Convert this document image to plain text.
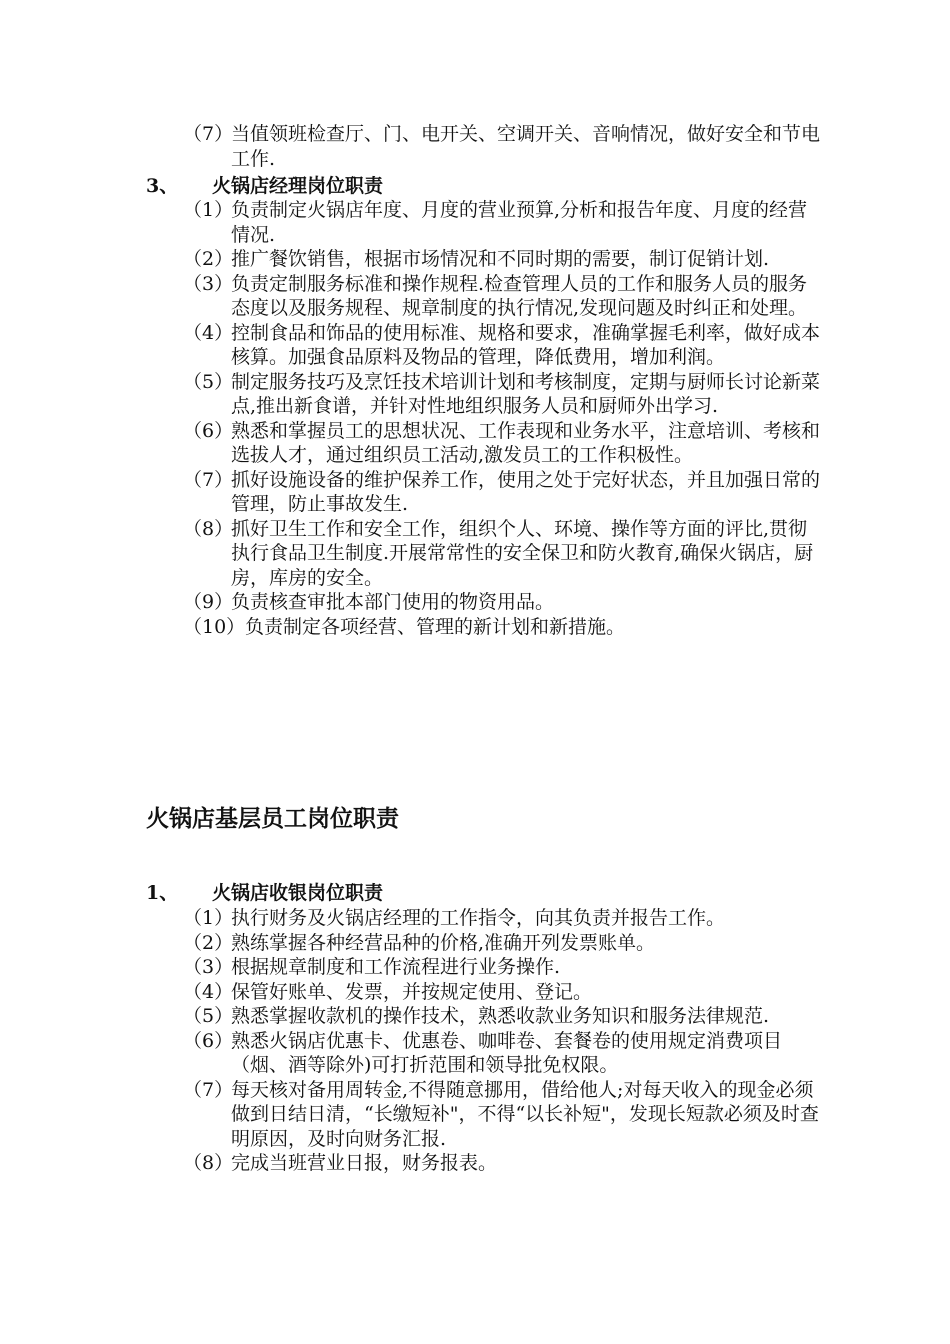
（7）
当值领班检查厅、门、电开关、空调开关、音响情况，做好安全和节电工作.
3、 火锅店经理岗位职责
（1）
负责制定火锅店年度、月度的营业预算,分析和报告年度、月度的经营情况.
（2）
推广餐饮销售，根据市场情况和不同时期的需要，制订促销计划.
（3）
负责定制服务标准和操作规程.检查管理人员的工作和服务人员的服务态度以及服务规程、规章制度的执行情况,发现问题及时纠正和处理。
（4）
控制食品和饰品的使用标准、规格和要求，准确掌握毛利率，做好成本核算。加强食品原料及物品的管理，降低费用，增加利润。
（5）
制定服务技巧及烹饪技术培训计划和考核制度，定期与厨师长讨论新菜点,推出新食谱，并针对性地组织服务人员和厨师外出学习.
（6）
熟悉和掌握员工的思想状况、工作表现和业务水平，注意培训、考核和选拔人才，通过组织员工活动,激发员工的工作积极性。
（7）
抓好设施设备的维护保养工作，使用之处于完好状态，并且加强日常的管理，防止事故发生.
（8）
抓好卫生工作和安全工作，组织个人、环境、操作等方面的评比,贯彻执行食品卫生制度.开展常常性的安全保卫和防火教育,确保火锅店，厨房，库房的安全。
（9）
负责核查审批本部门使用的物资用品。
（10） 负责制定各项经营、管理的新计划和新措施。
火锅店基层员工岗位职责
1、 火锅店收银岗位职责
（1）
执行财务及火锅店经理的工作指令，向其负责并报告工作。
（2）
熟练掌握各种经营品种的价格,准确开列发票账单。
（3）
根据规章制度和工作流程进行业务操作.
（4）
保管好账单、发票，并按规定使用、登记。
（5）
熟悉掌握收款机的操作技术，熟悉收款业务知识和服务法律规范.
（6）
熟悉火锅店优惠卡、优惠卷、咖啡卷、套餐卷的使用规定消费项目（烟、酒等除外)可打折范围和领导批免权限。
（7）
每天核对备用周转金,不得随意挪用，借给他人;对每天收入的现金必须做到日结日清，“长缴短补"，不得“以长补短"，发现长短款必须及时查明原因，及时向财务汇报.
（8）
完成当班营业日报，财务报表。
